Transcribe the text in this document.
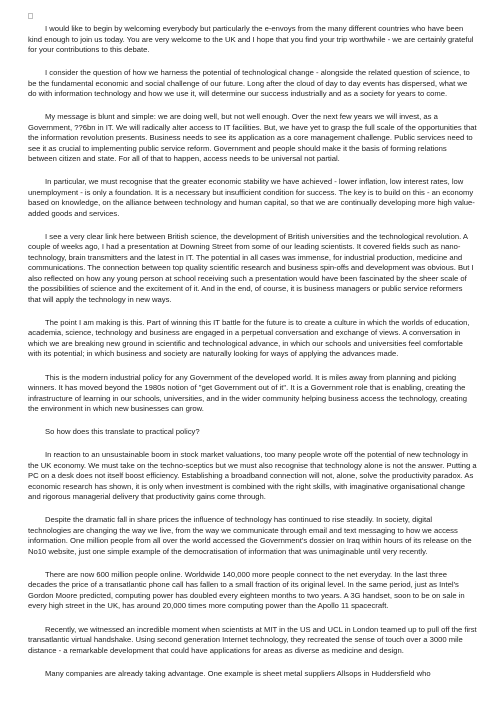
I would like to begin by welcoming everybody but particularly the e-envoys from the many different countries who have been kind enough to join us today. You are very welcome to the UK and I hope that you find your trip worthwhile - we are certainly grateful for your contributions to this debate.

I consider the question of how we harness the potential of technological change - alongside the related question of science, to be the fundamental economic and social challenge of our future. Long after the cloud of day to day events has dispersed, what we do with information technology and how we use it, will determine our success industrially and as a society for years to come.

My message is blunt and simple: we are doing well, but not well enough. Over the next few years we will invest, as a Government, ??6bn in IT. We will radically alter access to IT facilities. But, we have yet to grasp the full scale of the opportunities that the information revolution presents. Business needs to see its application as a core management challenge. Public services need to see it as crucial to implementing public service reform. Government and people should make it the basis of forming relations between citizen and state. For all of that to happen, access needs to be universal not partial.

In particular, we must recognise that the greater economic stability we have achieved - lower inflation, low interest rates, low unemployment - is only a foundation. It is a necessary but insufficient condition for success. The key is to build on this - an economy based on knowledge, on the alliance between technology and human capital, so that we are continually developing more high value-added goods and services.

I see a very clear link here between British science, the development of British universities and the technological revolution. A couple of weeks ago, I had a presentation at Downing Street from some of our leading scientists. It covered fields such as nano-technology, brain transmitters and the latest in IT. The potential in all cases was immense, for industrial production, medicine and communications. The connection between top quality scientific research and business spin-offs and development was obvious. But I also reflected on how any young person at school receiving such a presentation would have been fascinated by the sheer scale of the possibilities of science and the excitement of it. And in the end, of course, it is business managers or public service reformers that will apply the technology in new ways.

The point I am making is this. Part of winning this IT battle for the future is to create a culture in which the worlds of education, academia, science, technology and business are engaged in a perpetual conversation and exchange of views. A conversation in which we are breaking new ground in scientific and technological advance, in which our schools and universities feel comfortable with its potential; in which business and society are naturally looking for ways of applying the advances made.

This is the modern industrial policy for any Government of the developed world. It is miles away from planning and picking winners. It has moved beyond the 1980s notion of "get Government out of it". It is a Government role that is enabling, creating the infrastructure of learning in our schools, universities, and in the wider community helping business access the technology, creating the environment in which new businesses can grow.

So how does this translate to practical policy?

In reaction to an unsustainable boom in stock market valuations, too many people wrote off the potential of new technology in the UK economy. We must take on the techno-sceptics but we must also recognise that technology alone is not the answer. Putting a PC on a desk does not itself boost efficiency. Establishing a broadband connection will not, alone, solve the productivity paradox. As economic research has shown, it is only when investment is combined with the right skills, with imaginative organisational change and rigorous managerial delivery that productivity gains come through.

Despite the dramatic fall in share prices the influence of technology has continued to rise steadily. In society, digital technologies are changing the way we live, from the way we communicate through email and text messaging to how we access information. One million people from all over the world accessed the Government's dossier on Iraq within hours of its release on the No10 website, just one simple example of the democratisation of information that was unimaginable until very recently.

There are now 600 million people online. Worldwide 140,000 more people connect to the net everyday. In the last three decades the price of a transatlantic phone call has fallen to a small fraction of its original level. In the same period, just as Intel's Gordon Moore predicted, computing power has doubled every eighteen months to two years. A 3G handset, soon to be on sale in every high street in the UK, has around 20,000 times more computing power than the Apollo 11 spacecraft.

Recently, we witnessed an incredible moment when scientists at MIT in the US and UCL in London teamed up to pull off the first transatlantic virtual handshake. Using second generation Internet technology, they recreated the sense of touch over a 3000 mile distance - a remarkable development that could have applications for areas as diverse as medicine and design.

Many companies are already taking advantage. One example is sheet metal suppliers Allsops in Huddersfield who
